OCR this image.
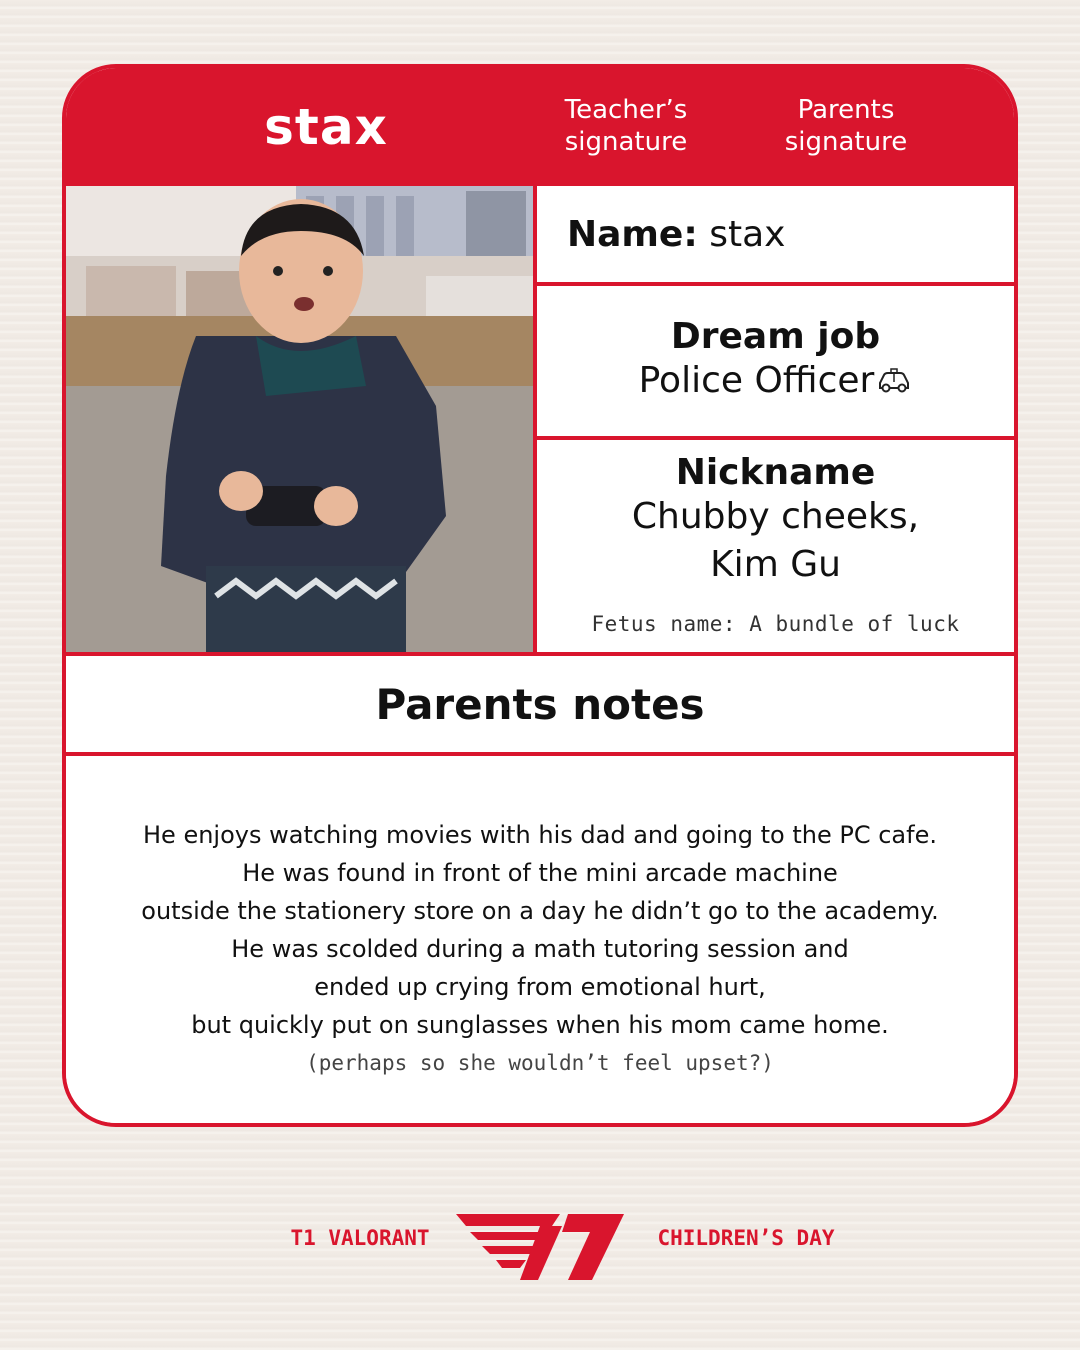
stax	Teacher’s signature
Parents signature
Name: stax
Dream job
Police Officer
Nickname
Chubby cheeks,
Kim Gu
Fetus name: A bundle of luck
Parents notes
He enjoys watching movies with his dad and going to the PC cafe.
He was found in front of the mini arcade machine
outside the stationery store on a day he didn’t go to the academy.
He was scolded during a math tutoring session and
ended up crying from emotional hurt,
but quickly put on sunglasses when his mom came home.
(perhaps so she wouldn’t feel upset?)
T1 VALORANT	CHILDREN’S DAY
